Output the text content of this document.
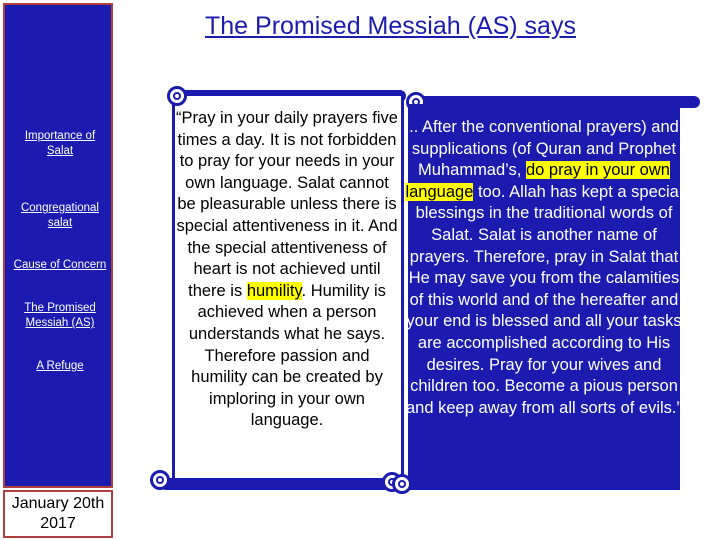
Importance of Salat
Congregational salat
Cause of Concern
The Promised Messiah (AS)
A Refuge
January 20th 2017
The Promised Messiah (AS) says
“Pray in your daily prayers five times a day. It is not forbidden to pray for your needs in your own language. Salat cannot be pleasurable unless there is special attentiveness in it. And the special attentiveness of heart is not achieved until there is humility. Humility is achieved when a person understands what he says. Therefore passion and humility can be created by imploring in your own language.
.. After the conventional prayers) and supplications (of Quran and Prophet Muhammad’s, do pray in your own language too. Allah has kept a special blessings in the traditional words of Salat. Salat is another name of prayers. Therefore, pray in Salat that He may save you from the calamities of this world and of the hereafter and your end is blessed and all your tasks are accomplished according to His desires. Pray for your wives and children too. Become a pious person and keep away from all sorts of evils.”
